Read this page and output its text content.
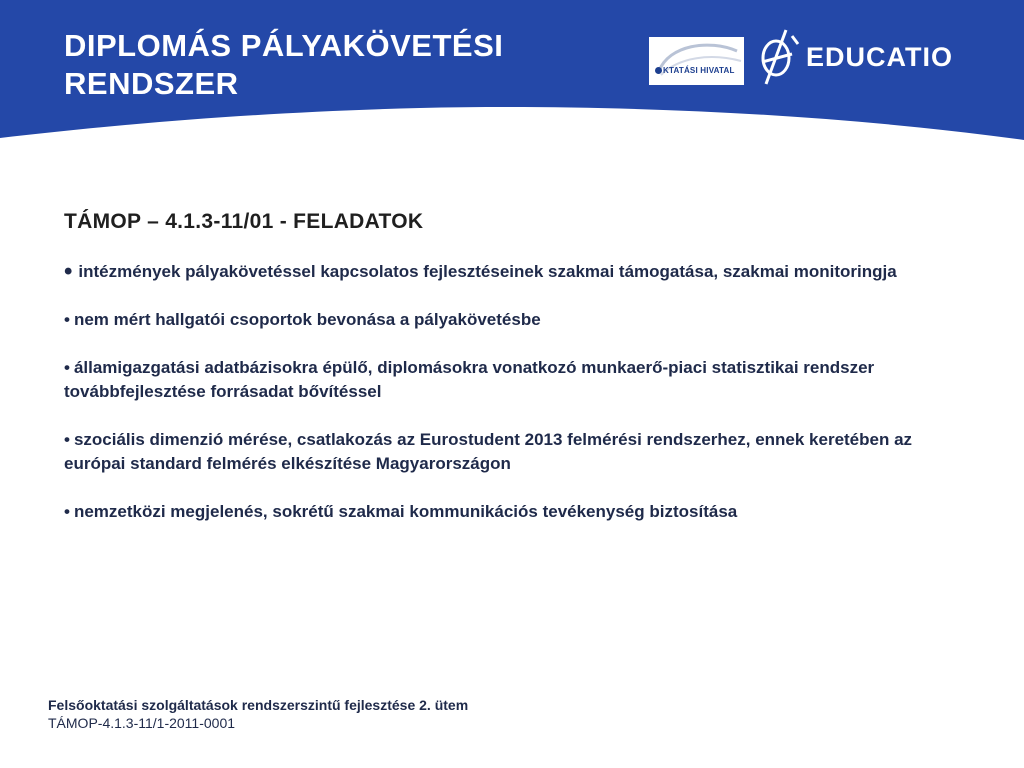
DIPLOMÁS PÁLYAKÖVETÉSI
RENDSZER	KTATÁSI HIVATAL	EDUCATIO
TÁMOP – 4.1.3-11/01 - FELADATOK
• intézmények pályakövetéssel kapcsolatos fejlesztéseinek szakmai támogatása, szakmai monitoringja
• nem mért hallgatói csoportok bevonása a pályakövetésbe
• államigazgatási adatbázisokra épülő, diplomásokra vonatkozó munkaerő-piaci statisztikai rendszer továbbfejlesztése forrásadat bővítéssel
• szociális dimenzió mérése, csatlakozás az Eurostudent 2013 felmérési rendszerhez, ennek keretében az európai standard felmérés elkészítése Magyarországon
• nemzetközi megjelenés, sokrétű szakmai kommunikációs tevékenység biztosítása

Felsőoktatási szolgáltatások rendszerszintű fejlesztése 2. ütem

TÁMOP-4.1.3-11/1-2011-0001
